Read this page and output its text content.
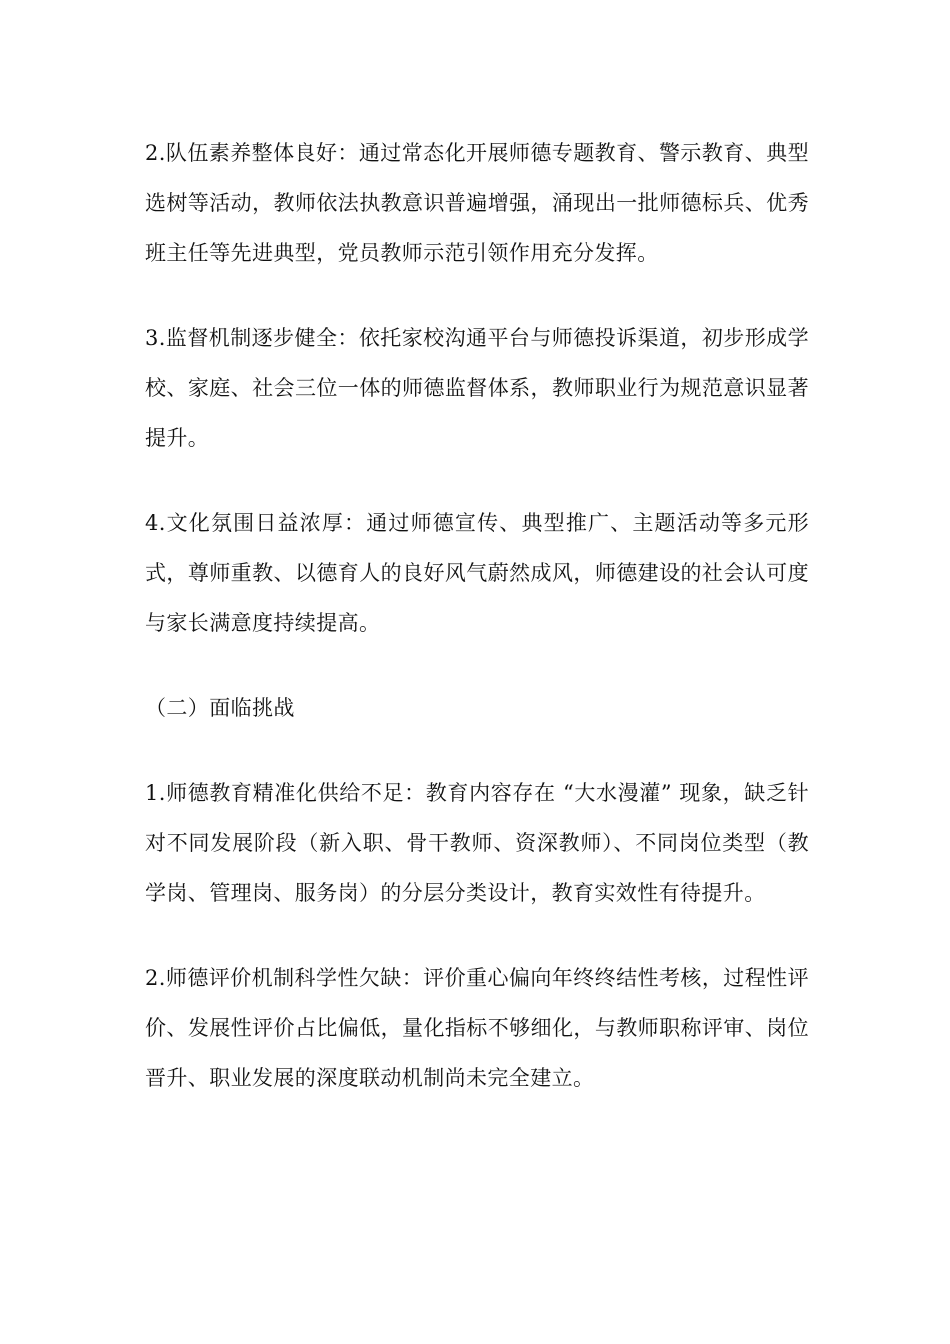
2.队伍素养整体良好：通过常态化开展师德专题教育、警示教育、典型选树等活动，教师依法执教意识普遍增强，涌现出一批师德标兵、优秀班主任等先进典型，党员教师示范引领作用充分发挥。

3.监督机制逐步健全：依托家校沟通平台与师德投诉渠道，初步形成学校、家庭、社会三位一体的师德监督体系，教师职业行为规范意识显著提升。

4.文化氛围日益浓厚：通过师德宣传、典型推广、主题活动等多元形式，尊师重教、以德育人的良好风气蔚然成风，师德建设的社会认可度与家长满意度持续提高。

（二）面临挑战

1.师德教育精准化供给不足：教育内容存在 “大水漫灌” 现象，缺乏针对不同发展阶段（新入职、骨干教师、资深教师）、不同岗位类型（教学岗、管理岗、服务岗）的分层分类设计，教育实效性有待提升。

2.师德评价机制科学性欠缺：评价重心偏向年终终结性考核，过程性评价、发展性评价占比偏低，量化指标不够细化，与教师职称评审、岗位晋升、职业发展的深度联动机制尚未完全建立。
